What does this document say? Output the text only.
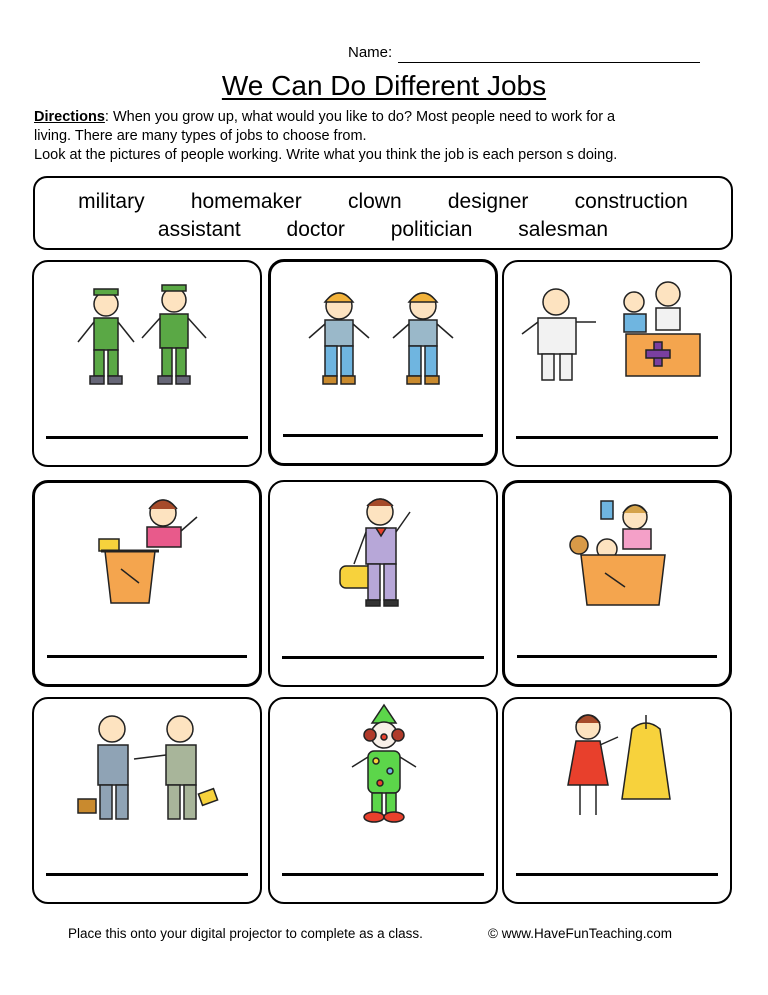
Name:
We Can Do Different Jobs
Directions: When you grow up, what would you like to do? Most people need to work for a
living. There are many types of jobs to choose from.
Look at the pictures of people working. Write what you think the job is each person s doing.
military homemaker clown designer construction
assistant doctor politician salesman
Place this onto your digital projector to complete as a class.	© www.HaveFunTeaching.com
